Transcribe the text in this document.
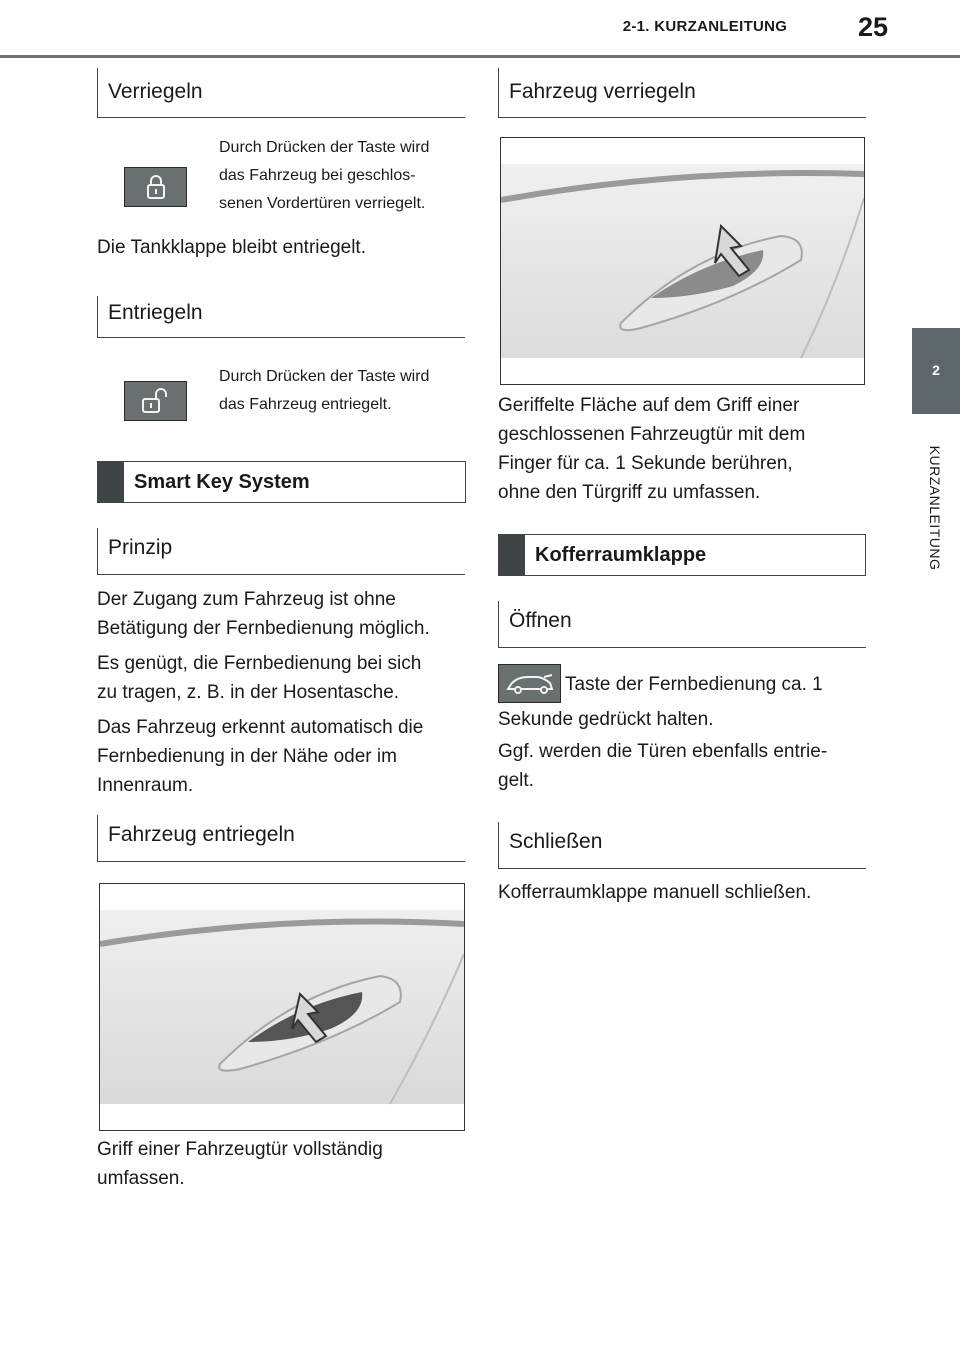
2-1. KURZANLEITUNG	25
2
KURZANLEITUNG
Verriegeln
Durch Drücken der Taste wird
das Fahrzeug bei geschlos-
senen Vordertüren verriegelt.
Die Tankklappe bleibt entriegelt.
Entriegeln
Durch Drücken der Taste wird
das Fahrzeug entriegelt.
Smart Key System
Prinzip
Der Zugang zum Fahrzeug ist ohne
Betätigung der Fernbedienung möglich.
Es genügt, die Fernbedienung bei sich
zu tragen, z. B. in der Hosentasche.
Das Fahrzeug erkennt automatisch die
Fernbedienung in der Nähe oder im
Innenraum.
Fahrzeug entriegeln
Griff einer Fahrzeugtür vollständig
umfassen.
Fahrzeug verriegeln
Geriffelte Fläche auf dem Griff einer
geschlossenen Fahrzeugtür mit dem
Finger für ca. 1 Sekunde berühren,
ohne den Türgriff zu umfassen.
Kofferraumklappe
Öffnen
Taste der Fernbedienung ca. 1
Sekunde gedrückt halten.
Ggf. werden die Türen ebenfalls entrie-
gelt.
Schließen
Kofferraumklappe manuell schließen.
